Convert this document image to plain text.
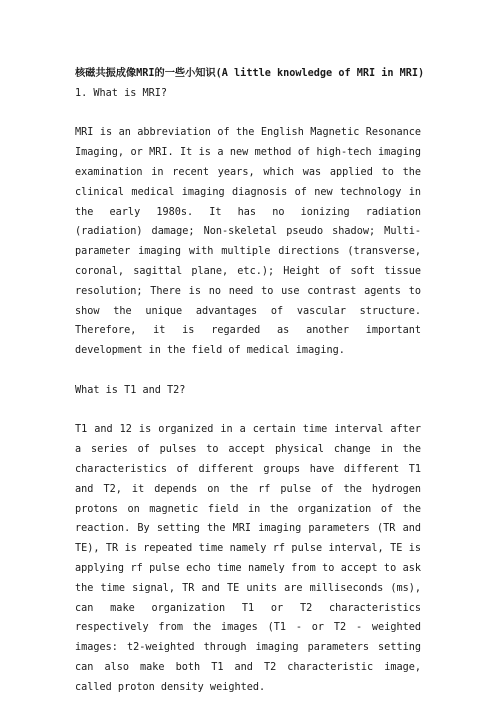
核磁共振成像MRI的一些小知识(A little knowledge of MRI in MRI)
1. What is MRI?
MRI is an abbreviation of the English Magnetic Resonance Imaging, or MRI. It is a new method of high-tech imaging examination in recent years, which was applied to the clinical medical imaging diagnosis of new technology in the early 1980s. It has no ionizing radiation (radiation) damage; Non-skeletal pseudo shadow; Multi-parameter imaging with multiple directions (transverse, coronal, sagittal plane, etc.); Height of soft tissue resolution; There is no need to use contrast agents to show the unique advantages of vascular structure. Therefore, it is regarded as another important development in the field of medical imaging.
What is T1 and T2?
T1 and 12 is organized in a certain time interval after a series of pulses to accept physical change in the characteristics of different groups have different T1 and T2, it depends on the rf pulse of the hydrogen protons on magnetic field in the organization of the reaction. By setting the MRI imaging parameters (TR and TE), TR is repeated time namely rf pulse interval, TE is applying rf pulse echo time namely from to accept to ask the time signal, TR and TE units are milliseconds (ms), can make organization T1 or T2 characteristics respectively from the images (T1 - or T2 - weighted images: t2-weighted through imaging parameters setting can also make both T1 and T2 characteristic image, called proton density weighted.
